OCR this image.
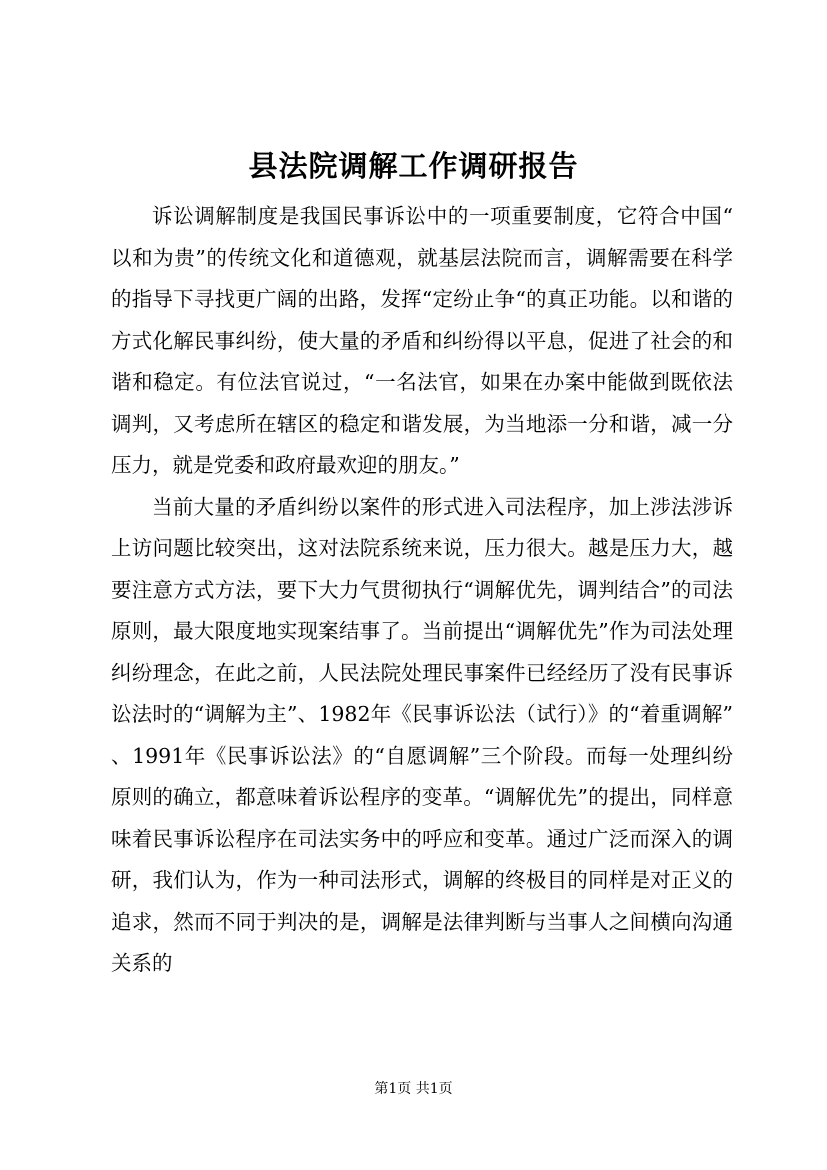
县法院调解工作调研报告

诉讼调解制度是我国民事诉讼中的一项重要制度，它符合中国“以和为贵”的传统文化和道德观，就基层法院而言，调解需要在科学的指导下寻找更广阔的出路，发挥“定纷止争“的真正功能。以和谐的方式化解民事纠纷，使大量的矛盾和纠纷得以平息，促进了社会的和谐和稳定。有位法官说过，“一名法官，如果在办案中能做到既依法调判，又考虑所在辖区的稳定和谐发展，为当地添一分和谐，减一分压力，就是党委和政府最欢迎的朋友。”

当前大量的矛盾纠纷以案件的形式进入司法程序，加上涉法涉诉上访问题比较突出，这对法院系统来说，压力很大。越是压力大，越要注意方式方法，要下大力气贯彻执行“调解优先，调判结合”的司法原则，最大限度地实现案结事了。当前提出“调解优先”作为司法处理纠纷理念，在此之前，人民法院处理民事案件已经经历了没有民事诉讼法时的“调解为主”、1982年《民事诉讼法（试行）》的“着重调解”、1991年《民事诉讼法》的“自愿调解”三个阶段。而每一处理纠纷原则的确立，都意味着诉讼程序的变革。“调解优先”的提出，同样意味着民事诉讼程序在司法实务中的呼应和变革。通过广泛而深入的调研，我们认为，作为一种司法形式，调解的终极目的同样是对正义的追求，然而不同于判决的是，调解是法律判断与当事人之间横向沟通关系的

第1页 共1页
